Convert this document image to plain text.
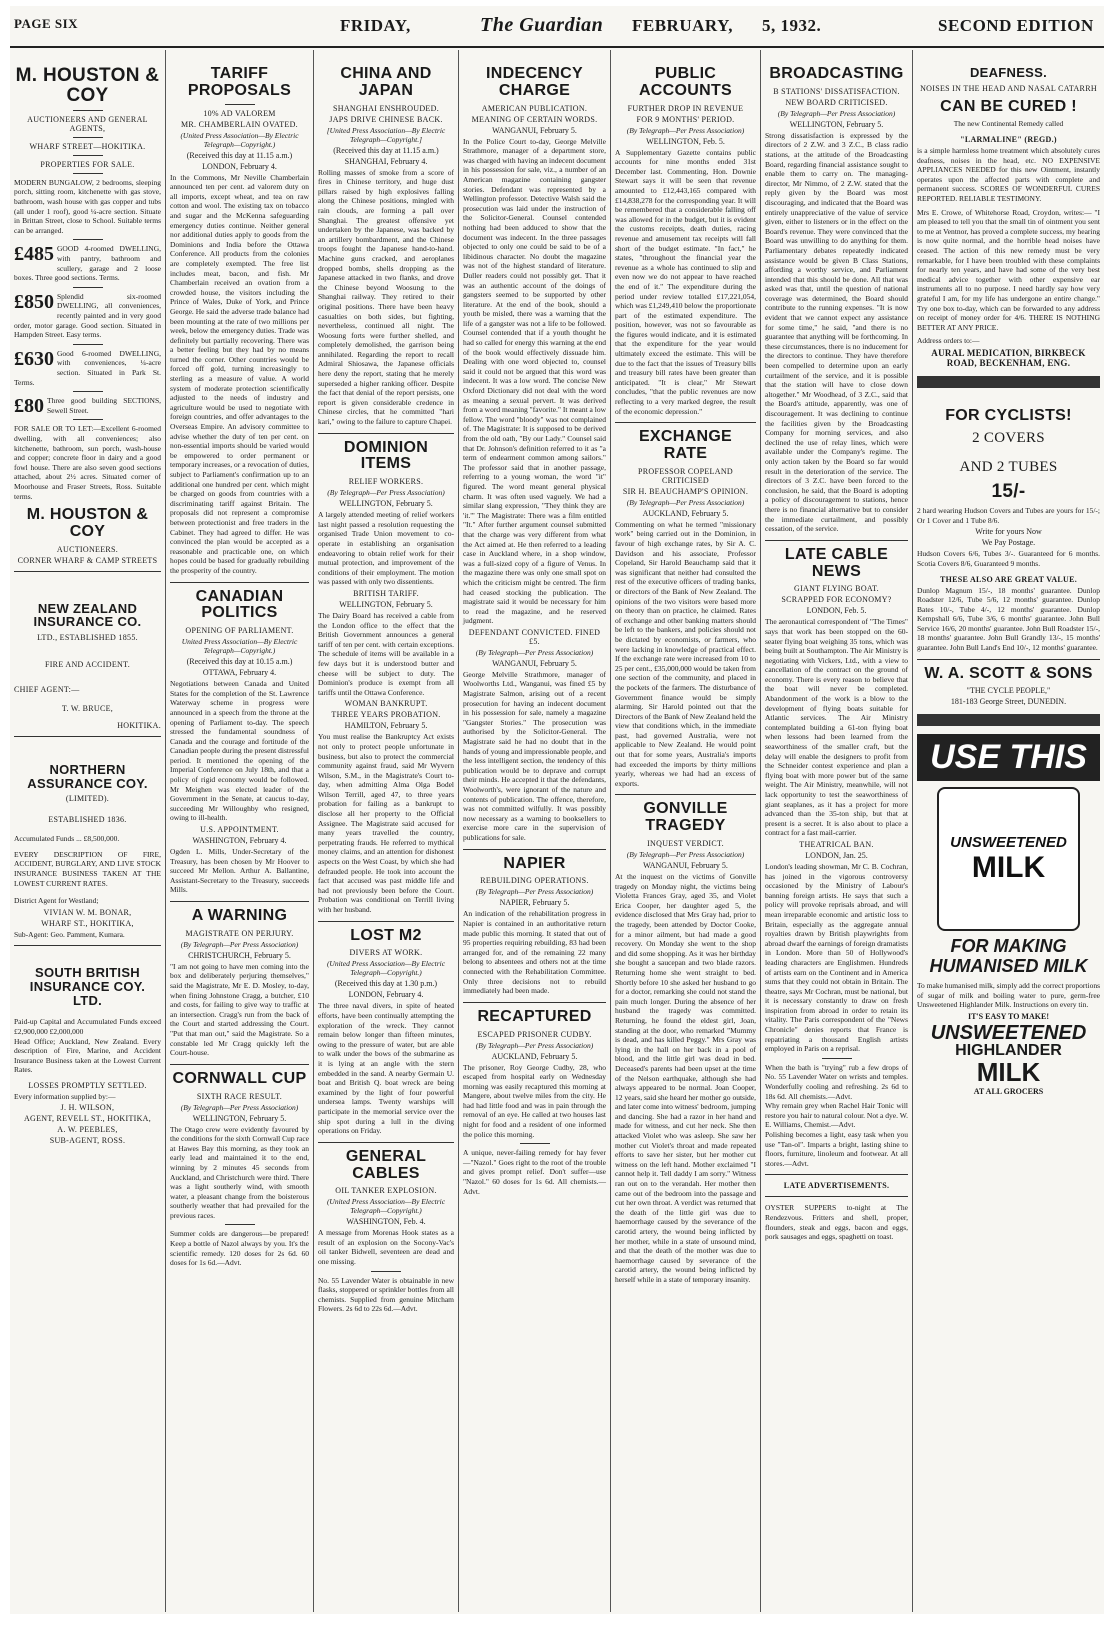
PAGE SIX	FRIDAY,	The Guardian FEBRUARY, 5, 1932.	SECOND EDITION
M. HOUSTON & COY
AUCTIONEERS AND GENERAL AGENTS,
WHARF STREET—HOKITIKA.
PROPERTIES FOR SALE.

MODERN BUNGALOW, 2 bedrooms, sleeping porch, sitting room, kitchenette with gas stove, bathroom, wash house with gas copper and tubs (all under 1 roof), good ¼-acre section. Situate in Brittan Street, close to School. Suitable terms can be arranged.

£485 GOOD 4-roomed DWELLING, with pantry, bathroom and scullery, garage and 2 loose boxes. Three good sections. Terms.

£850 Splendid six-roomed DWELLING, all conveniences, recently painted and in very good order, motor garage. Good section. Situated in Hampden Street. Easy terms.

£630 Good 6-roomed DWELLING, with conveniences, ¼-acre section. Situated in Park St. Terms.

£80 Three good building SECTIONS, Sewell Street.

FOR SALE OR TO LET:—Excellent 6-roomed dwelling, with all conveniences; also kitchenette, bathroom, sun porch, wash-house and copper; concrete floor in dairy and a good fowl house. There are also seven good sections attached, about 2½ acres. Situated corner of Moorhouse and Fraser Streets, Ross. Suitable terms.

M. HOUSTON & COY
AUCTIONEERS.
CORNER WHARF & CAMP STREETS
NEW ZEALAND INSURANCE CO.
LTD., ESTABLISHED 1855.
FIRE AND ACCIDENT.
CHIEF AGENT:—
T. W. BRUCE,
HOKITIKA.
NORTHERN ASSURANCE COY.
(LIMITED).
ESTABLISHED 1836.

Accumulated Funds ... £8,500,000.

EVERY DESCRIPTION OF FIRE, ACCIDENT, BURGLARY, AND LIVE STOCK INSURANCE BUSINESS TAKEN AT THE LOWEST CURRENT RATES.

District Agent for Westland;

VIVIAN W. M. BONAR,
WHARF ST., HOKITIKA,

Sub-Agent: Geo. Pamment, Kumara.

SOUTH BRITISH INSURANCE COY. LTD.

Paid-up Capital and Accumulated Funds exceed £2,900,000 £2,000,000

Head Office; Auckland, New Zealand. Every description of Fire, Marine, and Accident Insurance Business taken at the Lowest Current Rates.

LOSSES PROMPTLY SETTLED.

Every information supplied by:—

J. H. WILSON,
AGENT, REVELL ST., HOKITIKA,
A. W. PEEBLES,
SUB-AGENT, ROSS.
TARIFF PROPOSALS
10% AD VALOREM
MR. CHAMBERLAIN OVATED.
(United Press Association—By Electric Telegraph—Copyright.)
(Received this day at 11.15 a.m.)
LONDON, February 4.

In the Commons, Mr Neville Chamberlain announced ten per cent. ad valorem duty on all imports, except wheat, and tea on raw cotton and wool. The existing tax on tobacco and sugar and the McKenna safeguarding emergency duties continue. Neither general nor additional duties apply to goods from the Dominions and India before the Ottawa Conference. All products from the colonies are completely exempted. The free list includes meat, bacon, and fish. Mr Chamberlain received an ovation from a crowded house, the visitors including the Prince of Wales, Duke of York, and Prince George. He said the adverse trade balance had been mounting at the rate of two millions per week, below the emergency duties. Trade was definitely but partially recovering. There was a better feeling but they had by no means turned the corner. Other countries would be forced off gold, turning increasingly to sterling as a measure of value. A world system of moderate protection scientifically adjusted to the needs of industry and agriculture would be used to negotiate with foreign countries, and offer advantages to the Overseas Empire. An advisory committee to advise whether the duty of ten per cent. on non-essential imports should be varied would be empowered to order permanent or temporary increases, or a revocation of duties, subject to Parliament's confirmation up to an additional one hundred per cent. which might be charged on goods from countries with a discriminating tariff against Britain. The proposals did not represent a compromise between protectionist and free traders in the Cabinet. They had agreed to differ. He was convinced the plan would be accepted as a reasonable and practicable one, on which hopes could be based for gradually rebuilding the prosperity of the country.

CANADIAN POLITICS
OPENING OF PARLIAMENT.
United Press Association—By Electric Telegraph—Copyright.)
(Received this day at 10.15 a.m.)
OTTAWA, February 4.

Negotiations between Canada and United States for the completion of the St. Lawrence Waterway scheme in progress were announced in a speech from the throne at the opening of Parliament to-day. The speech stressed the fundamental soundness of Canada and the courage and fortitude of the Canadian people during the present distressful period. It mentioned the opening of the Imperial Conference on July 18th, and that a policy of rigid economy would be followed. Mr Meighen was elected leader of the Government in the Senate, at caucus to-day, succeeding Mr Willoughby who resigned, owing to ill-health.

U.S. APPOINTMENT.
WASHINGTON, February 4.

Ogden L. Mills, Under-Secretary of the Treasury, has been chosen by Mr Hoover to succeed Mr Mellon. Arthur A. Ballantine, Assistant-Secretary to the Treasury, succeeds Mills.

A WARNING
MAGISTRATE ON PERJURY.
(By Telegraph—Per Press Association)
CHRISTCHURCH, February 5.

"I am not going to have men coming into the box and deliberately perjuring themselves," said the Magistrate, Mr E. D. Mosley, to-day, when fining Johnstone Cragg, a butcher, £10 and costs, for failing to give way to traffic at an intersection. Cragg's run from the back of the Court and started addressing the Court. "Put that man out," said the Magistrate. So a constable led Mr Cragg quickly left the Court-house.

CORNWALL CUP
SIXTH RACE RESULT.
(By Telegraph—Per Press Association)
WELLINGTON, February 5.

The Otago crew were evidently favoured by the conditions for the sixth Cornwall Cup race at Hawes Bay this morning, as they took an early lead and maintained it to the end, winning by 2 minutes 45 seconds from Auckland, and Christchurch were third. There was a light southerly wind, with smooth water, a pleasant change from the boisterous southerly weather that had prevailed for the previous races.

Summer colds are dangerous—be prepared! Keep a bottle of Nazol always by you. It's the scientific remedy. 120 doses for 2s 6d. 60 doses for 1s 6d.—Advt.

CHINA AND JAPAN
SHANGHAI ENSHROUDED.
JAPS DRIVE CHINESE BACK.
[United Press Association—By Electric Telegraph—Copyright.]
(Received this day at 11.15 a.m.)
SHANGHAI, February 4.

Rolling masses of smoke from a score of fires in Chinese territory, and huge dust pillars raised by high explosives falling along the Chinese positions, mingled with rain clouds, are forming a pall over Shanghai. The greatest offensive yet undertaken by the Japanese, was backed by an artillery bombardment, and the Chinese troops fought the Japanese hand-to-hand. Machine guns cracked, and aeroplanes dropped bombs, shells dropping as the Japanese attacked in two flanks, and drove the Chinese beyond Woosung to the Shanghai railway. They retired to their original positions. There have been heavy casualties on both sides, but fighting, nevertheless, continued all night. The Woosung forts were further shelled, and completely demolished, the garrison being annihilated. Regarding the report to recall Admiral Shiosawa, the Japanese officials here deny the report, stating that he merely superseded a higher ranking officer. Despite the fact that denial of the report persists, one report is given considerable credence in Chinese circles, that he committed "hari kari," owing to the failure to capture Chapei.

DOMINION ITEMS
RELIEF WORKERS.
(By Telegraph—Per Press Association)
WELLINGTON, February 5.

A largely attended meeting of relief workers last night passed a resolution requesting the organised Trade Union movement to co-operate in establishing an organisation endeavoring to obtain relief work for their mutual protection, and improvement of the conditions of their employment. The motion was passed with only two dissentients.

BRITISH TARIFF.
WELLINGTON, February 5.

The Dairy Board has received a cable from the London office to the effect that the British Government announces a general tariff of ten per cent. with certain exceptions. The schedule of items will be available in a few days but it is understood butter and cheese will be subject to duty. The Dominion's produce is exempt from all tariffs until the Ottawa Conference.

WOMAN BANKRUPT.
THREE YEARS PROBATION.
HAMILTON, February 5.

You must realise the Bankruptcy Act exists not only to protect people unfortunate in business, but also to protect the commercial community against fraud, said Mr Wyvern Wilson, S.M., in the Magistrate's Court to-day, when admitting Alma Olga Bodel Wilson Terrill, aged 47, to three years probation for failing as a bankrupt to disclose all her property to the Official Assignee. The Magistrate said accused for many years travelled the country, perpetrating frauds. He referred to mythical money claims, and an attention for dishonest aspects on the West Coast, by which she had defrauded people. He took into account the fact that accused was past middle life and had not previously been before the Court. Probation was conditional on Terrill living with her husband.

LOST M2
DIVERS AT WORK.
(United Press Association—By Electric Telegraph—Copyright.)
(Received this day at 1.30 p.m.)
LONDON, February 4.

The three naval divers, in spite of heated efforts, have been continually attempting the exploration of the wreck. They cannot remain below longer than fifteen minutes, owing to the pressure of water, but are able to walk under the bows of the submarine as it is lying at an angle with the stern embedded in the sand. A nearby Germain U. boat and British Q. boat wreck are being examined by the light of four powerful undersea lamps. Twenty warships will participate in the memorial service over the ship spot during a lull in the diving operations on Friday.

GENERAL CABLES
OIL TANKER EXPLOSION.
(United Press Association—By Electric Telegraph—Copyright.)
WASHINGTON, Feb. 4.

A message from Morenas Hook states as a result of an explosion on the Socony-Vac's oil tanker Bidwell, seventeen are dead and one missing.

No. 55 Lavender Water is obtainable in new flasks, stoppered or sprinkler bottles from all chemists. Supplied from genuine Mitcham Flowers. 2s 6d to 22s 6d.—Advt.

INDECENCY CHARGE
AMERICAN PUBLICATION.
MEANING OF CERTAIN WORDS.
WANGANUI, February 5.

In the Police Court to-day, George Melville Strathmore, manager of a department store, was charged with having an indecent document in his possession for sale, viz., a number of an American magazine containing gangster stories. Defendant was represented by a Wellington professor. Detective Walsh said the prosecution was laid under the instruction of the Solicitor-General. Counsel contended nothing had been adduced to show that the document was indecent. In the three passages objected to only one could be said to be of a libidinous character. No doubt the magazine was not of the highest standard of literature. Duller readers could not possibly get. That it was an authentic account of the doings of gangsters seemed to be supported by other literature. At the end of the book, should a youth be misled, there was a warning that the life of a gangster was not a life to be followed. Counsel contended that if a youth thought he had so called for energy this warning at the end of the book would effectively dissuade him. Dealing with one word objected to, counsel said it could not be argued that this word was indecent. It was a low word. The concise New Oxford Dictionary did not deal with the word as meaning a sexual pervert. It was derived from a word meaning "favorite." It meant a low fellow. The word "bloody" was not complained of. The Magistrate: It is supposed to be derived from the old oath, "By our Lady." Counsel said that Dr. Johnson's definition referred to it as "a term of endearment common among sailors." The professor said that in another passage, referring to a young woman, the word "it" figured. The word meant general physical charm. It was often used vaguely. We had a similar slang expression, "They think they are 'it.'" The Magistrate: There was a film entitled "It." After further argument counsel submitted that the charge was very different from what the Act aimed at. He then referred to a leading case in Auckland where, in a shop window, was a full-sized copy of a figure of Venus. In the magazine there was only one small spot on which the criticism might be centred. The firm had ceased stocking the publication. The magistrate said it would be necessary for him to read the magazine, and he reserved judgment.

DEFENDANT CONVICTED. FINED £5.
(By Telegraph—Per Press Association)
WANGANUI, February 5.

George Melville Strathmore, manager of Woolworths Ltd., Wanganui, was fined £5 by Magistrate Salmon, arising out of a recent prosecution for having an indecent document in his possession for sale, namely a magazine "Gangster Stories." The prosecution was authorised by the Solicitor-General. The Magistrate said he had no doubt that in the hands of young and impressionable people, and the less intelligent section, the tendency of this publication would be to deprave and corrupt their minds. He accepted it that the defendants, Woolworth's, were ignorant of the nature and contents of publication. The offence, therefore, was not committed wilfully. It was possibly now necessary as a warning to booksellers to exercise more care in the supervision of publications for sale.

NAPIER
REBUILDING OPERATIONS.
(By Telegraph—Per Press Association)
NAPIER, February 5.

An indication of the rehabilitation progress in Napier is contained in an authoritative return made public this morning. It stated that out of 95 properties requiring rebuilding, 83 had been arranged for, and of the remaining 22 many belong to absentees and others not at the time connected with the Rehabilitation Committee. Only three decisions not to rebuild immediately had been made.

RECAPTURED
ESCAPED PRISONER CUDBY.
(By Telegraph—Per Press Association)
AUCKLAND, February 5.

The prisoner, Roy George Cudby, 28, who escaped from hospital early on Wednesday morning was easily recaptured this morning at Mangere, about twelve miles from the city. He had had little food and was in pain through the removal of an eye. He called at two houses last night for food and a resident of one informed the police this morning.

A unique, never-failing remedy for hay fever—"Nazol." Goes right to the root of the trouble and gives prompt relief. Don't suffer—use "Nazol." 60 doses for 1s 6d. All chemists.—Advt.

PUBLIC ACCOUNTS
FURTHER DROP IN REVENUE
FOR 9 MONTHS' PERIOD.
(By Telegraph—Per Press Association)
WELLINGTON, Feb. 5.

A Supplementary Gazette contains public accounts for nine months ended 31st December last. Commenting, Hon. Downie Stewart says it will be seen that revenue amounted to £12,443,165 compared with £14,838,278 for the corresponding year. It will be remembered that a considerable falling off was allowed for in the budget, but it is evident the customs receipts, death duties, racing revenue and amusement tax receipts will fall short of the budget estimate. "In fact," he states, "throughout the financial year the revenue as a whole has continued to slip and even now we do not appear to have reached the end of it." The expenditure during the period under review totalled £17,221,054, which was £1,249,410 below the proportionate part of the estimated expenditure. The position, however, was not so favourable as the figures would indicate, and it is estimated that the expenditure for the year would ultimately exceed the estimate. This will be due to the fact that the issues of Treasury bills and treasury bill rates have been greater than anticipated. "It is clear," Mr Stewart concludes, "that the public revenues are now reflecting to a very marked degree, the result of the economic depression."

EXCHANGE RATE
PROFESSOR COPELAND CRITICISED
SIR H. BEAUCHAMP'S OPINION.
(By Telegraph—Per Press Association)
AUCKLAND, February 5.

Commenting on what he termed "missionary work" being carried out in the Dominion, in favour of high exchange rates, by Sir A. C. Davidson and his associate, Professor Copeland, Sir Harold Beauchamp said that it was significant that neither had consulted the rest of the executive officers of trading banks, or directors of the Bank of New Zealand. The opinions of the two visitors were based more on theory than on practice, he claimed. Rates of exchange and other banking matters should be left to the bankers, and policies should not be dictated by economists, or farmers, who were lacking in knowledge of practical effect. If the exchange rate were increased from 10 to 25 per cent., £35,000,000 would be taken from one section of the community, and placed in the pockets of the farmers. The disturbance of Government finance would be simply alarming. Sir Harold pointed out that the Directors of the Bank of New Zealand held the view that conditions which, in the immediate past, had governed Australia, were not applicable to New Zealand. He would point out that for some years, Australia's imports had exceeded the imports by thirty millions yearly, whereas we had had an excess of exports.

GONVILLE TRAGEDY
INQUEST VERDICT.
(By Telegraph—Per Press Association)
WANGANUI, February 5.

At the inquest on the victims of Gonville tragedy on Monday night, the victims being Violetta Frances Gray, aged 35, and Violet Erica Cooper, her daughter aged 5, the evidence disclosed that Mrs Gray had, prior to the tragedy, been attended by Doctor Cooke, for a minor ailment, but had made a good recovery. On Monday she went to the shop and did some shopping. As it was her birthday she bought a saucepan and two blade razors. Returning home she went straight to bed. Shortly before 10 she asked her husband to go for a doctor, remarking she could not stand the pain much longer. During the absence of her husband the tragedy was committed. Returning, he found the eldest girl, Joan, standing at the door, who remarked "Mummy is dead, and has killed Peggy." Mrs Gray was lying in the hall on her back in a pool of blood, and the little girl was dead in bed. Deceased's parents had been upset at the time of the Nelson earthquake, although she had always appeared to be normal. Joan Cooper, 12 years, said she heard her mother go outside, and later come into witness' bedroom, jumping and dancing. She had a razor in her hand and made for witness, and cut her neck. She then attacked Violet who was asleep. She saw her mother cut Violet's throat and made repeated efforts to save her sister, but her mother cut witness on the left hand. Mother exclaimed "I cannot help it. Tell daddy I am sorry." Witness ran out on to the verandah. Her mother then came out of the bedroom into the passage and cut her own throat. A verdict was returned that the death of the little girl was due to haemorrhage caused by the severance of the carotid artery, the wound being inflicted by her mother, while in a state of unsound mind, and that the death of the mother was due to haemorrhage caused by severance of the carotid artery, the wound being inflicted by herself while in a state of temporary insanity.

BROADCASTING
B STATIONS' DISSATISFACTION.
NEW BOARD CRITICISED.
(By Telegraph—Per Press Association)
WELLINGTON, February 5.

Strong dissatisfaction is expressed by the directors of 2 Z.W. and 3 Z.C., B class radio stations, at the attitude of the Broadcasting Board, regarding financial assistance sought to enable them to carry on. The managing-director, Mr Nimmo, of 2 Z.W. stated that the reply given by the Board was most discouraging, and indicated that the Board was entirely unappreciative of the value of service given, either to listeners or in the effect on the Board's revenue. They were convinced that the Board was unwilling to do anything for them. Parliamentary debates repeatedly indicated assistance would be given B Class Stations, affording a worthy service, and Parliament intended that this should be done. All that was asked was that, until the question of national coverage was determined, the Board should contribute to the running expenses. "It is now evident that we cannot expect any assistance for some time," he said, "and there is no guarantee that anything will be forthcoming. In these circumstances, there is no inducement for the directors to continue. They have therefore been compelled to determine upon an early curtailment of the service, and it is possible that the station will have to close down altogether." Mr Woodhead, of 3 Z.C., said that the Board's attitude, apparently, was one of discouragement. It was declining to continue the facilities given by the Broadcasting Company for morning services, and also declined the use of relay lines, which were available under the Company's regime. The only action taken by the Board so far would result in the deterioration of the service. The directors of 3 Z.C. have been forced to the conclusion, he said, that the Board is adopting a policy of discouragement to stations, hence there is no financial alternative but to consider the immediate curtailment, and possibly cessation, of the service.

LATE CABLE NEWS
GIANT FLYING BOAT.
SCRAPPED FOR ECONOMY?
LONDON, Feb. 5.

The aeronautical correspondent of "The Times" says that work has been stopped on the 60-seater flying boat weighing 35 tons, which was being built at Southampton. The Air Ministry is negotiating with Vickers, Ltd., with a view to cancellation of the contract on the ground of economy. There is every reason to believe that the boat will never be completed. Abandonment of the work is a blow to the development of flying boats suitable for Atlantic services. The Air Ministry contemplated building a 61-ton flying boat when lessons had been learned from the seaworthiness of the smaller craft, but the delay will enable the designers to profit from the Schneider contest experience and plan a flying boat with more power but of the same weight. The Air Ministry, meanwhile, will not lack opportunity to test the seaworthiness of giant seaplanes, as it has a project for more advanced than the 35-ton ship, but that at present is a secret. It is also about to place a contract for a fast mail-carrier.

THEATRICAL BAN.
LONDON, Jan. 25.

London's leading showman, Mr C. B. Cochran, has joined in the vigorous controversy occasioned by the Ministry of Labour's banning foreign artists. He says that such a policy will provoke reprisals abroad, and will mean irreparable economic and artistic loss to Britain, especially as the aggregate annual royalties drawn by British playwrights from abroad dwarf the earnings of foreign dramatists in London. More than 50 of Hollywood's leading characters are Englishmen. Hundreds of artists earn on the Continent and in America sums that they could not obtain in Britain. The theatre, says Mr Cochran, must be national, but it is necessary constantly to draw on fresh inspiration from abroad in order to retain its vitality. The Paris correspondent of the "News Chronicle" denies reports that France is repatriating a thousand English artists employed in Paris on a reprisal.

When the bath is "trying" rub a few drops of No. 55 Lavender Water on wrists and temples. Wonderfully cooling and refreshing. 2s 6d to 18s 6d. All chemists.—Advt.

Why remain grey when Rachel Hair Tonic will restore you hair to natural colour. Not a dye. W. E. Williams, Chemist.—Advt.

Polishing becomes a light, easy task when you use "Tan-ol". Imparts a bright, lasting shine to floors, furniture, linoleum and footwear. At all stores.—Advt.

LATE ADVERTISEMENTS.

OYSTER SUPPERS to-night at The Rendezvous. Fritters and shell, proper, flounders, steak and eggs, bacon and eggs, pork sausages and eggs, spaghetti on toast.

DEAFNESS.
NOISES IN THE HEAD AND NASAL CATARRH
CAN BE CURED !

The new Continental Remedy called

"LARMALINE" (REGD.)

is a simple harmless home treatment which absolutely cures deafness, noises in the head, etc. NO EXPENSIVE APPLIANCES NEEDED for this new Ointment, instantly operates upon the affected parts with complete and permanent success. SCORES OF WONDERFUL CURES REPORTED. RELIABLE TESTIMONY.

Mrs E. Crowe, of Whitehorse Road, Croydon, writes:— "I am pleased to tell you that the small tin of ointment you sent to me at Ventnor, has proved a complete success, my hearing is now quite normal, and the horrible head noises have ceased. The action of this new remedy must be very remarkable, for I have been troubled with these complaints for nearly ten years, and have had some of the very best medical advice together with other expensive ear instruments all to no purpose. I need hardly say how very grateful I am, for my life has undergone an entire change." Try one box to-day, which can be forwarded to any address on receipt of money order for 4/6. THERE IS NOTHING BETTER AT ANY PRICE.

Address orders to:—

AURAL MEDICATION, BIRKBECK ROAD, BECKENHAM, ENG.
FOR CYCLISTS!
2 COVERS
AND 2 TUBES
15/-

2 hard wearing Hudson Covers and Tubes are yours for 15/-; Or 1 Cover and 1 Tube 8/6.

Write for yours Now
We Pay Postage.

Hudson Covers 6/6, Tubes 3/-. Guaranteed for 6 months. Scotia Covers 8/6, Guaranteed 9 months.

THESE ALSO ARE GREAT VALUE.

Dunlop Magnum 15/-, 18 months' guarantee. Dunlop Roadster 12/6, Tube 5/6, 12 months' guarantee. Dunlop Bates 10/-, Tube 4/-, 12 months' guarantee. Dunlop Kempshall 6/6, Tube 3/6, 6 months' guarantee. John Bull Service 16/6, 20 months' guarantee. John Bull Roadster 15/-, 18 months' guarantee. John Bull Grandly 13/-, 15 months' guarantee. John Bull Land's End 10/-, 12 months' guarantee.

W. A. SCOTT & SONS
"THE CYCLE PEOPLE,"
181-183 George Street, DUNEDIN.
USE THIS
UNSWEETENED
MILK
FOR MAKING HUMANISED MILK

To make humanised milk, simply add the correct proportions of sugar of milk and boiling water to pure, germ-free Unsweetened Highlander Milk. Instructions on every tin.

IT'S EASY TO MAKE!
UNSWEETENED
HIGHLANDER
MILK
AT ALL GROCERS
